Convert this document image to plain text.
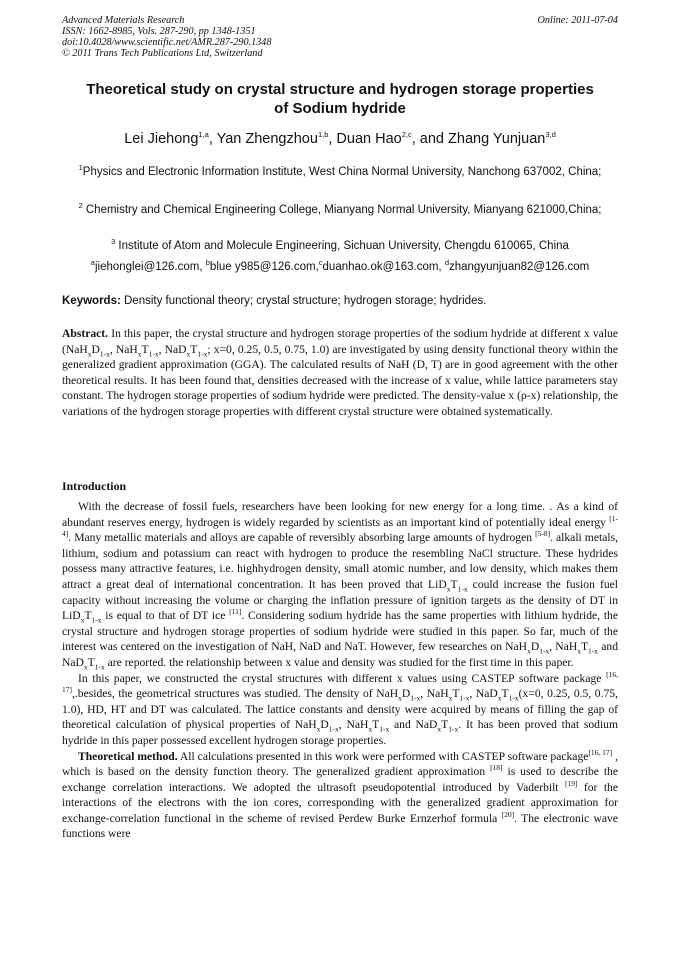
Advanced Materials Research
ISSN: 1662-8985, Vols. 287-290, pp 1348-1351
doi:10.4028/www.scientific.net/AMR.287-290.1348
© 2011 Trans Tech Publications Ltd, Switzerland
Online: 2011-07-04
Theoretical study on crystal structure and hydrogen storage properties
of Sodium hydride
Lei Jiehong$^{1,a}$, Yan Zhengzhou$^{1,b}$, Duan Hao$^{2,c}$, and Zhang Yunjuan$^{3,d}$
$^1$Physics and Electronic Information Institute, West China Normal University, Nanchong 637002, China;
$^2$ Chemistry and Chemical Engineering College, Mianyang Normal University, Mianyang 621000,China;
$^3$ Institute of Atom and Molecule Engineering, Sichuan University, Chengdu 610065, China
$^a$jiehonglei@126.com, $^b$blue y985@126.com,$^c$duanhao.ok@163.com, $^d$zhangyunjuan82@126.com
Keywords: Density functional theory; crystal structure; hydrogen storage; hydrides.

Abstract. In this paper, the crystal structure and hydrogen storage properties of the sodium hydride at different x value ($NaH_xD_{1-x}$, $NaH_xT_{1-x}$, $NaD_xT_{1-x}$; x=0, 0.25, 0.5, 0.75, 1.0) are investigated by using density functional theory within the generalized gradient approximation (GGA). The calculated results of NaH (D, T) are in good agreement with the other theoretical results. It has been found that, densities decreased with the increase of x value, while lattice parameters stay constant. The hydrogen storage properties of sodium hydride were predicted. The density-value x (ρ-x) relationship, the variations of the hydrogen storage properties with different crystal structure were obtained systematically.

Introduction

With the decrease of fossil fuels, researchers have been looking for new energy for a long time. . As a kind of abundant reserves energy, hydrogen is widely regarded by scientists as an important kind of potentially ideal energy [1-4]. Many metallic materials and alloys are capable of reversibly absorbing large amounts of hydrogen [5-8]. alkali metals, lithium, sodium and potassium can react with hydrogen to produce the resembling NaCl structure. These hydrides possess many attractive features, i.e. highhydrogen density, small atomic number, and low density, which makes them attract a great deal of international concentration. It has been proved that $LiD_xT_{1-x}$ could increase the fusion fuel capacity without increasing the volume or charging the inflation pressure of ignition targets as the density of DT in $LiD_xT_{1-x}$ is equal to that of DT ice [11]. Considering sodium hydride has the same properties with lithium hydride, the crystal structure and hydrogen storage properties of sodium hydride were studied in this paper. So far, much of the interest was centered on the investigation of NaH, NaD and NaT. However, few researches on $NaH_xD_{1-x}$, $NaH_xT_{1-x}$ and $NaD_xT_{1-x}$ are reported. the relationship between x value and density was studied for the first time in this paper.

In this paper, we constructed the crystal structures with different x values using CASTEP software package [16, 17],.besides, the geometrical structures was studied. The density of $NaH_xD_{1-x}$, $NaH_xT_{1-x}$, $NaD_xT_{1-x}(x=0$, 0.25, 0.5, 0.75, 1.0), HD, HT and DT was calculated. The lattice constants and density were acquired by means of filling the gap of theoretical calculation of physical properties of $NaH_xD_{1-x}$, $NaH_xT_{1-x}$ and $NaD_xT_{1-x}$. It has been proved that sodium hydride in this paper possessed excellent hydrogen storage properties.

Theoretical method. All calculations presented in this work were performed with CASTEP software package[16, 17] , which is based on the density function theory. The generalized gradient approximation [18] is used to describe the exchange correlation interactions. We adopted the ultrasoft pseudopotential introduced by Vaderbilt [19] for the interactions of the electrons with the ion cores, corresponding with the generalized gradient approximation for exchange-correlation functional in the scheme of revised Perdew Burke Ernzerhof formula [20]. The electronic wave functions were
